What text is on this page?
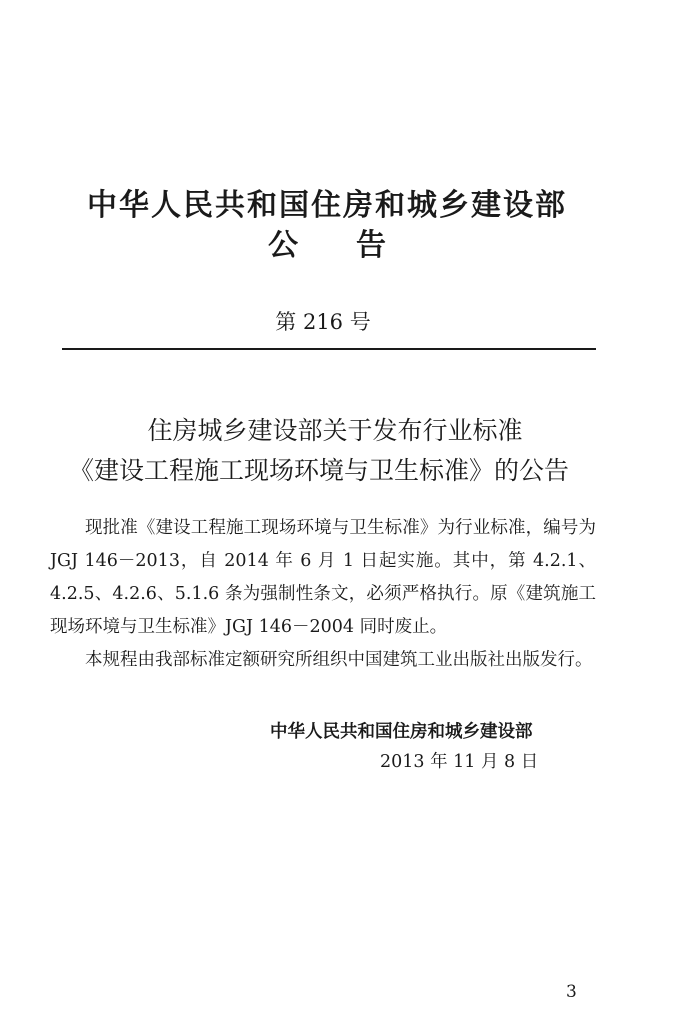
中华人民共和国住房和城乡建设部
公 告
第 216 号
住房城乡建设部关于发布行业标准
《建设工程施工现场环境与卫生标准》的公告
现批准《建设工程施工现场环境与卫生标准》为行业标准，编号为 JGJ 146－2013，自 2014 年 6 月 1 日起实施。其中，第 4.2.1、4.2.5、4.2.6、5.1.6 条为强制性条文，必须严格执行。原《建筑施工现场环境与卫生标准》JGJ 146－2004 同时废止。
本规程由我部标准定额研究所组织中国建筑工业出版社出版发行。
中华人民共和国住房和城乡建设部
2013 年 11 月 8 日
3
